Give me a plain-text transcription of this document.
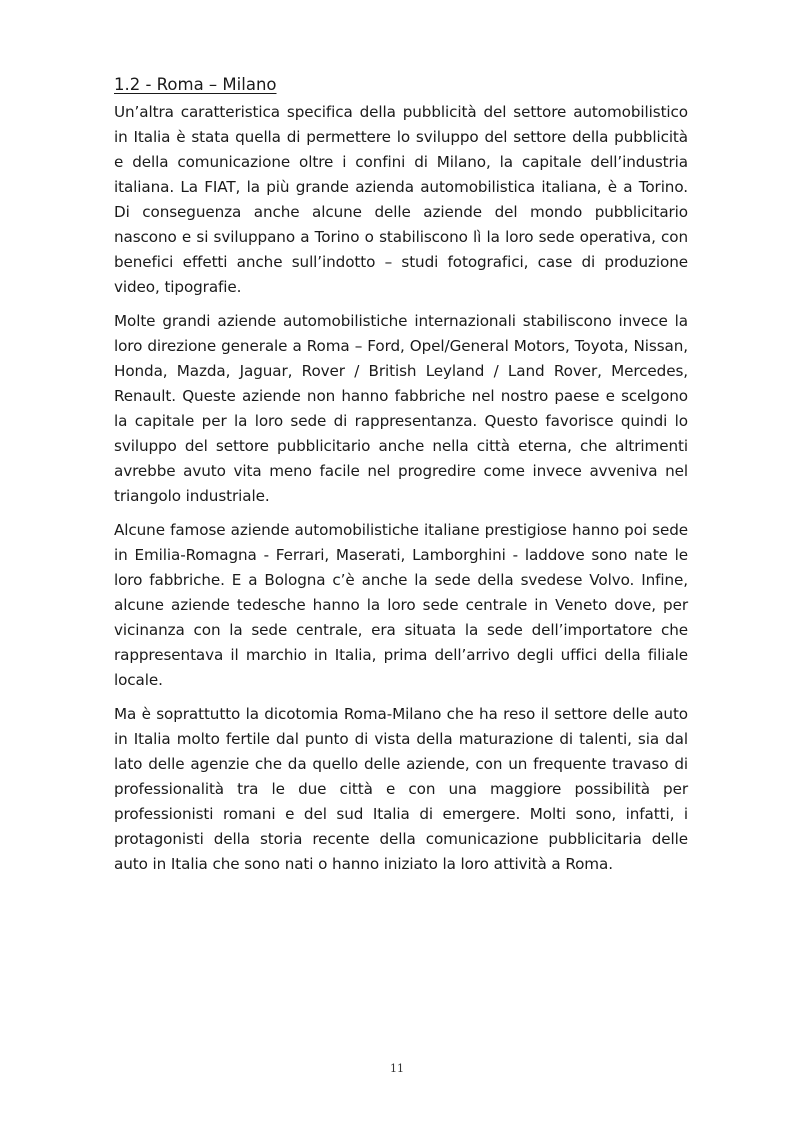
1.2 - Roma – Milano

Un’altra caratteristica specifica della pubblicità del settore automobilistico in Italia è stata quella di permettere lo sviluppo del settore della pubblicità e della comunicazione oltre i confini di Milano, la capitale dell’industria italiana. La FIAT, la più grande azienda automobilistica italiana, è a Torino. Di conseguenza anche alcune delle aziende del mondo pubblicitario nascono e si sviluppano a Torino o stabiliscono lì la loro sede operativa, con benefici effetti anche sull’indotto – studi fotografici, case di produzione video, tipografie.

Molte grandi aziende automobilistiche internazionali stabiliscono invece la loro direzione generale a Roma – Ford, Opel/General Motors, Toyota, Nissan, Honda, Mazda, Jaguar, Rover / British Leyland / Land Rover, Mercedes, Renault. Queste aziende non hanno fabbriche nel nostro paese e scelgono la capitale per la loro sede di rappresentanza. Questo favorisce quindi lo sviluppo del settore pubblicitario anche nella città eterna, che altrimenti avrebbe avuto vita meno facile nel progredire come invece avveniva nel triangolo industriale.

Alcune famose aziende automobilistiche italiane prestigiose hanno poi sede in Emilia-Romagna - Ferrari, Maserati, Lamborghini - laddove sono nate le loro fabbriche. E a Bologna c’è anche la sede della svedese Volvo. Infine, alcune aziende tedesche hanno la loro sede centrale in Veneto dove, per vicinanza con la sede centrale, era situata la sede dell’importatore che rappresentava il marchio in Italia, prima dell’arrivo degli uffici della filiale locale.

Ma è soprattutto la dicotomia Roma-Milano che ha reso il settore delle auto in Italia molto fertile dal punto di vista della maturazione di talenti, sia dal lato delle agenzie che da quello delle aziende, con un frequente travaso di professionalità tra le due città e con una maggiore possibilità per professionisti romani e del sud Italia di emergere. Molti sono, infatti, i protagonisti della storia recente della comunicazione pubblicitaria delle auto in Italia che sono nati o hanno iniziato la loro attività a Roma.

11
